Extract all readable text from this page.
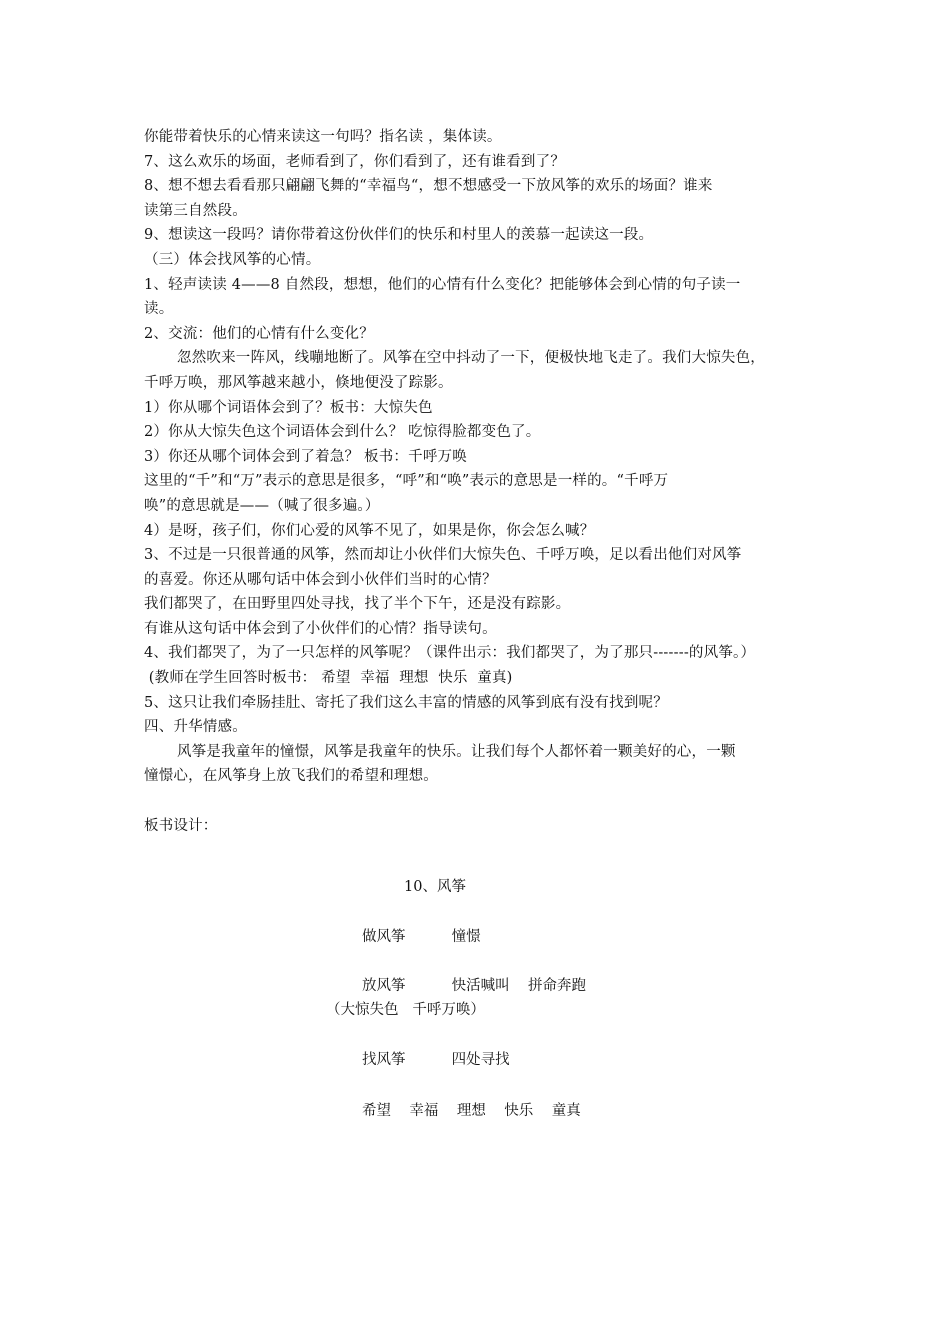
你能带着快乐的心情来读这一句吗？指名读 ，集体读。
7、这么欢乐的场面，老师看到了，你们看到了，还有谁看到了？
8、想不想去看看那只翩翩飞舞的“幸福鸟“，想不想感受一下放风筝的欢乐的场面？谁来
读第三自然段。
9、想读这一段吗？请你带着这份伙伴们的快乐和村里人的羡慕一起读这一段。
（三）体会找风筝的心情。
1、轻声读读 4——8 自然段，想想，他们的心情有什么变化？把能够体会到心情的句子读一
读。
2、交流：他们的心情有什么变化？
忽然吹来一阵风，线嘣地断了。风筝在空中抖动了一下，便极快地飞走了。我们大惊失色，
千呼万唤，那风筝越来越小，倏地便没了踪影。
1）你从哪个词语体会到了？板书：大惊失色
2）你从大惊失色这个词语体会到什么？ 吃惊得脸都变色了。
3）你还从哪个词体会到了着急？ 板书：千呼万唤
这里的“千”和“万”表示的意思是很多，“呼”和“唤”表示的意思是一样的。“千呼万
唤”的意思就是——（喊了很多遍。）
4）是呀，孩子们，你们心爱的风筝不见了，如果是你，你会怎么喊？
3、不过是一只很普通的风筝，然而却让小伙伴们大惊失色、千呼万唤，足以看出他们对风筝
的喜爱。你还从哪句话中体会到小伙伴们当时的心情？
我们都哭了，在田野里四处寻找，找了半个下午，还是没有踪影。
有谁从这句话中体会到了小伙伴们的心情？指导读句。
4、我们都哭了，为了一只怎样的风筝呢？（课件出示：我们都哭了，为了那只-------的风筝。）
(教师在学生回答时板书： 希望  幸福  理想  快乐  童真)
5、这只让我们牵肠挂肚、寄托了我们这么丰富的情感的风筝到底有没有找到呢？
四、升华情感。
风筝是我童年的憧憬，风筝是我童年的快乐。让我们每个人都怀着一颗美好的心，一颗
憧憬心，在风筝身上放飞我们的希望和理想。
板书设计：
10、风筝
做风筝          憧憬
放风筝          快活喊叫    拼命奔跑
（大惊失色   千呼万唤）
找风筝          四处寻找
希望    幸福    理想    快乐    童真
